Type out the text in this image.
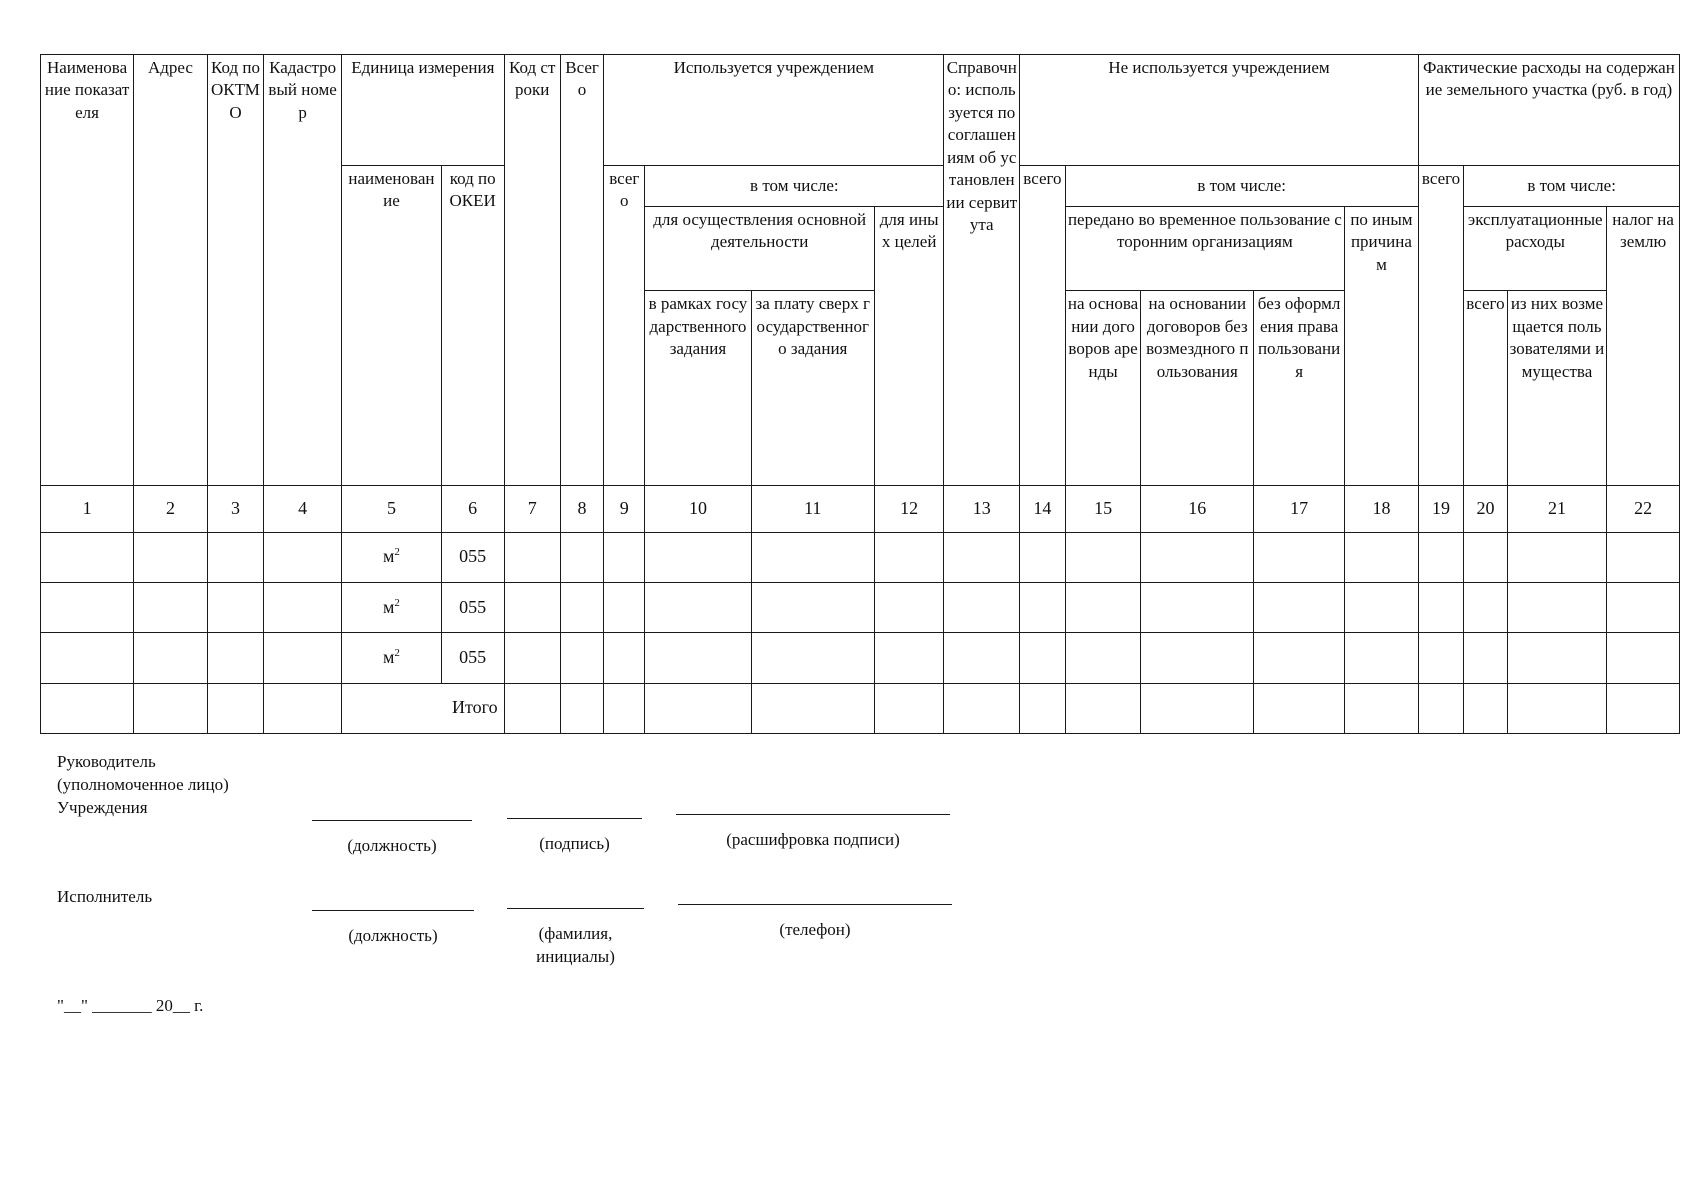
Наименование показателя	Адрес	Код по ОКТМО	Кадастровый номер	Единица измерения		Код строки	Всего	Используется учреждением				Справочно: используется по соглашениям об установлении сервитута	Не используется учреждением					Фактические расходы на содержание земельного участка (руб. в год)			
				наименование	код по ОКЕИ			всего	в том числе:				всего	в том числе:				всего	в том числе:		
									для осуществления основной деятельности		для иных целей			передано во временное пользование сторонним организациям			по иным причинам		эксплуатационные расходы		налог на землю
									в рамках государственного задания	за плату сверх государственного задания				на основании договоров аренды	на основании договоров безвозмездного пользования	без оформления права пользования			всего	из них возмещается пользователями имущества	
1	2	3	4	5	6	7	8	9	10	11	12	13	14	15	16	17	18	19	20	21	22
				$м^2$	055																
				$м^2$	055																
				$м^2$	055																
				Итого																	
Руководитель
(уполномоченное лицо)
Учреждения
(должность)	(подпись)	(расшифровка подписи)
Исполнитель
(должность)	(фамилия, инициалы)
(телефон)
"__" _______ 20__ г.
